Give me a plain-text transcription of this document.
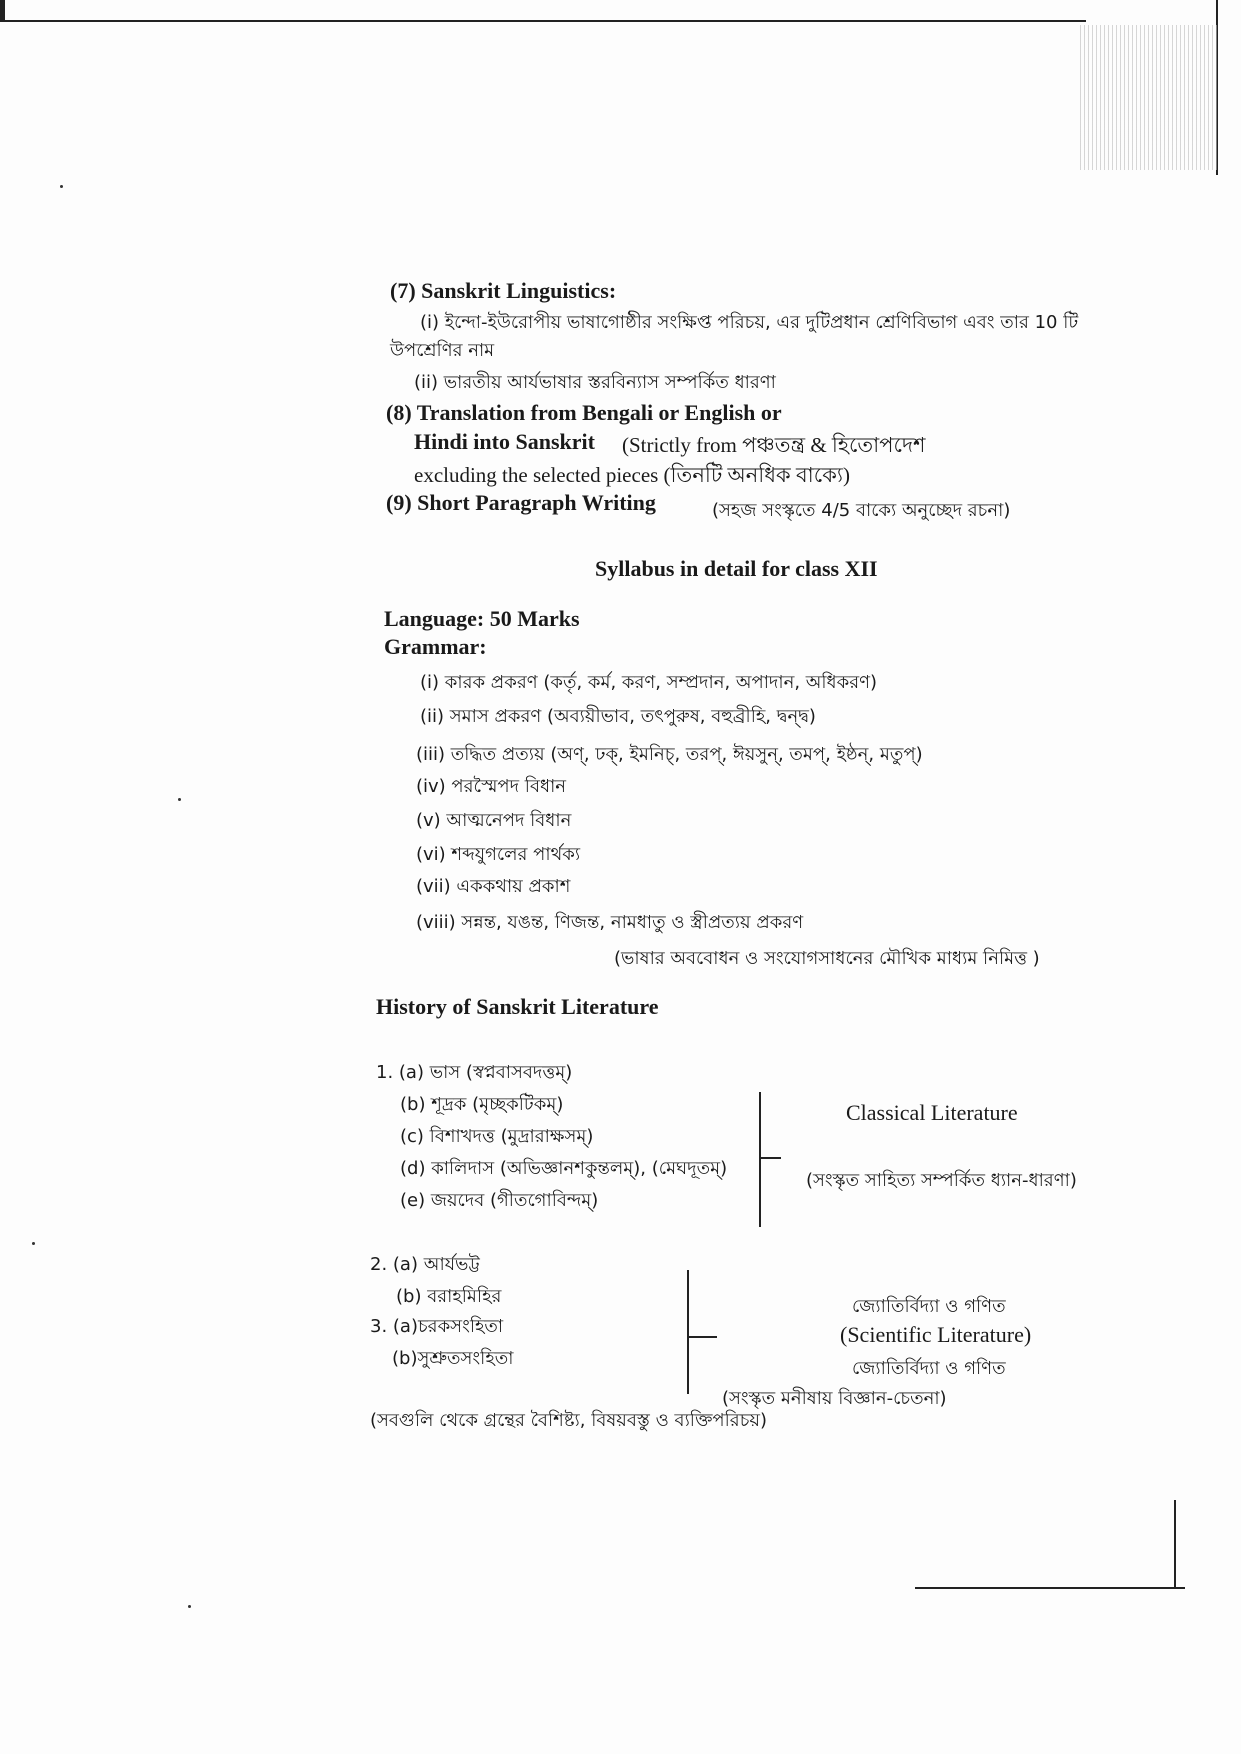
(7) Sanskrit Linguistics:
(i) ইন্দো-ইউরোপীয় ভাষাগোষ্ঠীর সংক্ষিপ্ত পরিচয়, এর দুটিপ্রধান শ্রেণিবিভাগ এবং তার 10 টি
উপশ্রেণির নাম
(ii) ভারতীয় আর্যভাষার স্তরবিন্যাস সম্পর্কিত ধারণা
(8) Translation from Bengali or English or
Hindi into Sanskrit (Strictly from পঞ্চতন্ত্র & হিতোপদেশ
excluding the selected pieces (তিনটি অনধিক বাক্যে)
(9) Short Paragraph Writing	(সহজ সংস্কৃতে 4/5 বাক্যে অনুচ্ছেদ রচনা)
Syllabus in detail for class XII
Language: 50 Marks
Grammar:
(i) কারক প্রকরণ (কর্তৃ, কর্ম, করণ, সম্প্রদান, অপাদান, অধিকরণ)
(ii) সমাস প্রকরণ (অব্যয়ীভাব, তৎপুরুষ, বহুব্রীহি, দ্বন্দ্ব)
(iii) তদ্ধিত প্রত্যয় (অণ্, ঢক্, ইমনিচ্, তরপ্, ঈয়সুন্, তমপ্, ইষ্ঠন্, মতুপ্)
(iv) পরস্মৈপদ বিধান
(v) আত্মনেপদ বিধান
(vi) শব্দযুগলের পার্থক্য
(vii) এককথায় প্রকাশ
(viii) সন্নন্ত, যঙন্ত, ণিজন্ত, নামধাতু ও স্ত্রীপ্রত্যয় প্রকরণ
(ভাষার অববোধন ও সংযোগসাধনের মৌখিক মাধ্যম নিমিত্ত )
History of Sanskrit Literature
1. (a) ভাস (স্বপ্নবাসবদত্তম্)
(b) শূদ্রক (মৃচ্ছকটিকম্)
(c) বিশাখদত্ত (মুদ্রারাক্ষসম্)
(d) কালিদাস (অভিজ্ঞানশকুন্তলম্), (মেঘদূতম্)
(e) জয়দেব (গীতগোবিন্দম্)
Classical Literature
(সংস্কৃত সাহিত্য সম্পর্কিত ধ্যান-ধারণা)
2. (a) আর্যভট্ট
(b) বরাহমিহির
3. (a)চরকসংহিতা
(b)সুশ্রুতসংহিতা
জ্যোতির্বিদ্যা ও গণিত
(Scientific Literature)
জ্যোতির্বিদ্যা ও গণিত
(সংস্কৃত মনীষায় বিজ্ঞান-চেতনা)
(সবগুলি থেকে গ্রন্থের বৈশিষ্ট্য, বিষয়বস্তু ও ব্যক্তিপরিচয়)
